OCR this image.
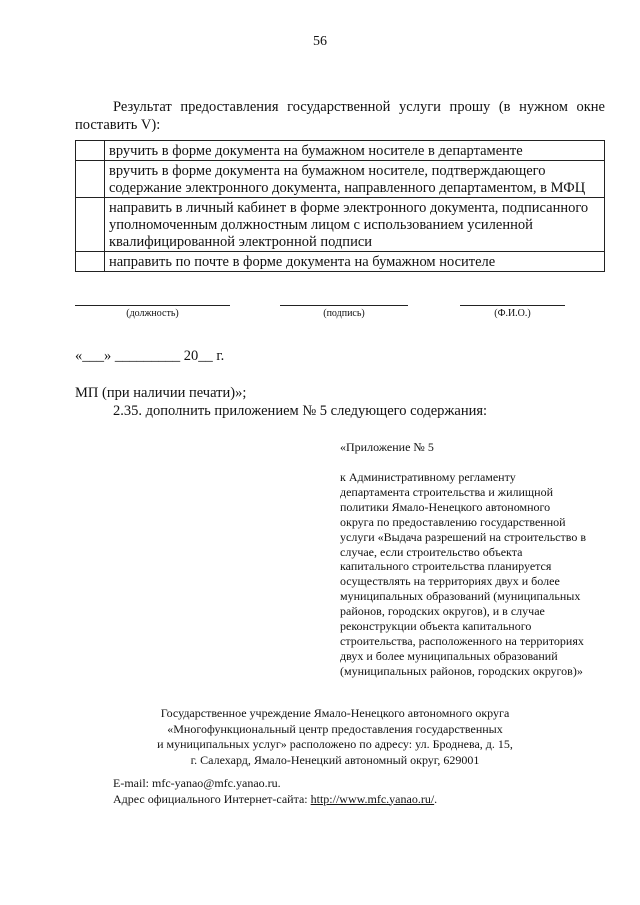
56
Результат предоставления государственной услуги прошу (в нужном окне поставить V):
	вручить в форме документа на бумажном носителе в департаменте
	вручить в форме документа на бумажном носителе, подтверждающего содержание электронного документа, направленного департаментом, в МФЦ
	направить в личный кабинет в форме электронного документа, подписанного уполномоченным должностным лицом с использованием усиленной квалифицированной электронной подписи
	направить по почте в форме документа на бумажном носителе
(должность)	(подпись)	(Ф.И.О.)
«___» _________ 20__ г.
МП (при наличии печати)»;
2.35. дополнить приложением № 5 следующего содержания:
«Приложение № 5
к Административному регламенту
департамента строительства и жилищной
политики Ямало-Ненецкого автономного
округа по предоставлению государственной
услуги «Выдача разрешений на строительство в
случае, если строительство объекта
капитального строительства планируется
осуществлять на территориях двух и более
муниципальных образований (муниципальных
районов, городских округов), и в случае
реконструкции объекта капитального
строительства, расположенного на территориях
двух и более муниципальных образований
(муниципальных районов, городских округов)»
Государственное учреждение Ямало-Ненецкого автономного округа
«Многофункциональный центр предоставления государственных
и муниципальных услуг» расположено по адресу: ул. Броднева, д. 15,
г. Салехард, Ямало-Ненецкий автономный округ, 629001
E-mail: mfc-yanao@mfc.yanao.ru.
Адрес официального Интернет-сайта: http://www.mfc.yanao.ru/.
